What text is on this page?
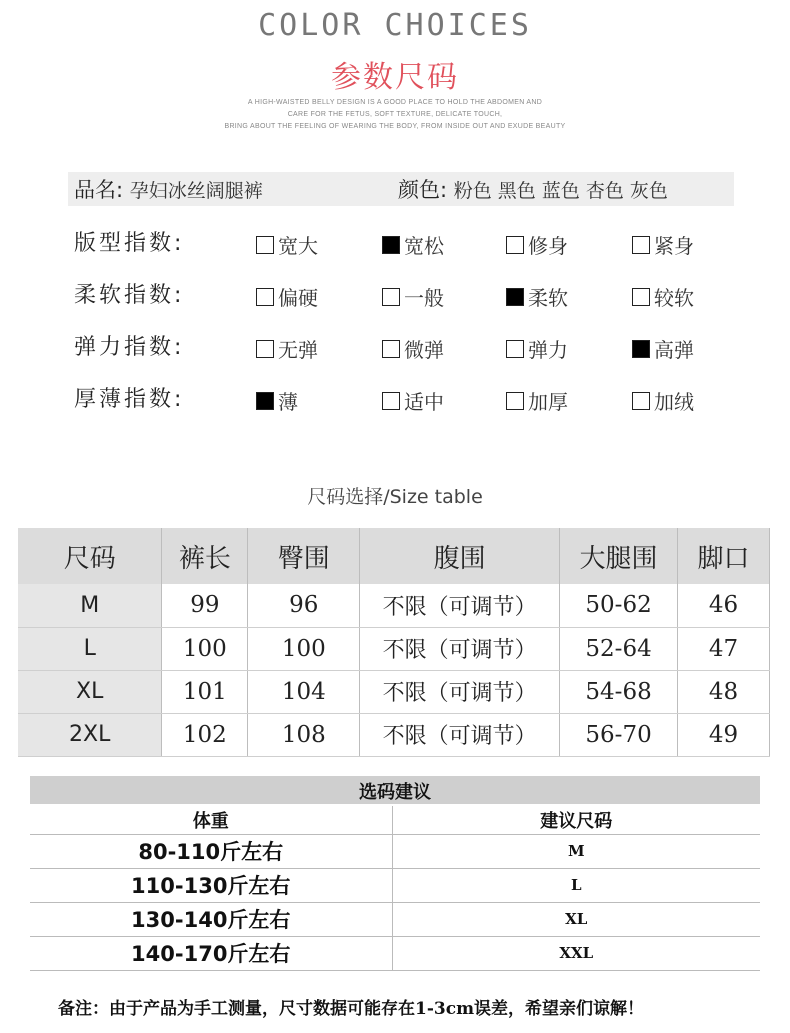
COLOR CHOICES
参数尺码
A HIGH-WAISTED BELLY DESIGN IS A GOOD PLACE TO HOLD THE ABDOMEN AND
CARE FOR THE FETUS, SOFT TEXTURE, DELICATE TOUCH,
BRING ABOUT THE FEELING OF WEARING THE BODY, FROM INSIDE OUT AND EXUDE BEAUTY
品名: 孕妇冰丝阔腿裤	颜色: 粉色 黑色 蓝色 杏色 灰色
版型指数:	宽大	宽松	修身	紧身
柔软指数:	偏硬	一般	柔软	较软
弹力指数:	无弹	微弹	弹力	高弹
厚薄指数:	薄	适中	加厚	加绒
尺码选择/Size table
尺码	裤长	臀围	腹围	大腿围	脚口
M	99	96	不限（可调节）	50-62	46
L	100	100	不限（可调节）	52-64	47
XL	101	104	不限（可调节）	54-68	48
2XL	102	108	不限（可调节）	56-70	49
选码建议
体重	建议尺码
80-110斤左右	M
110-130斤左右	L
130-140斤左右	XL
140-170斤左右	XXL
备注：由于产品为手工测量，尺寸数据可能存在1-3cm误差，希望亲们谅解！
